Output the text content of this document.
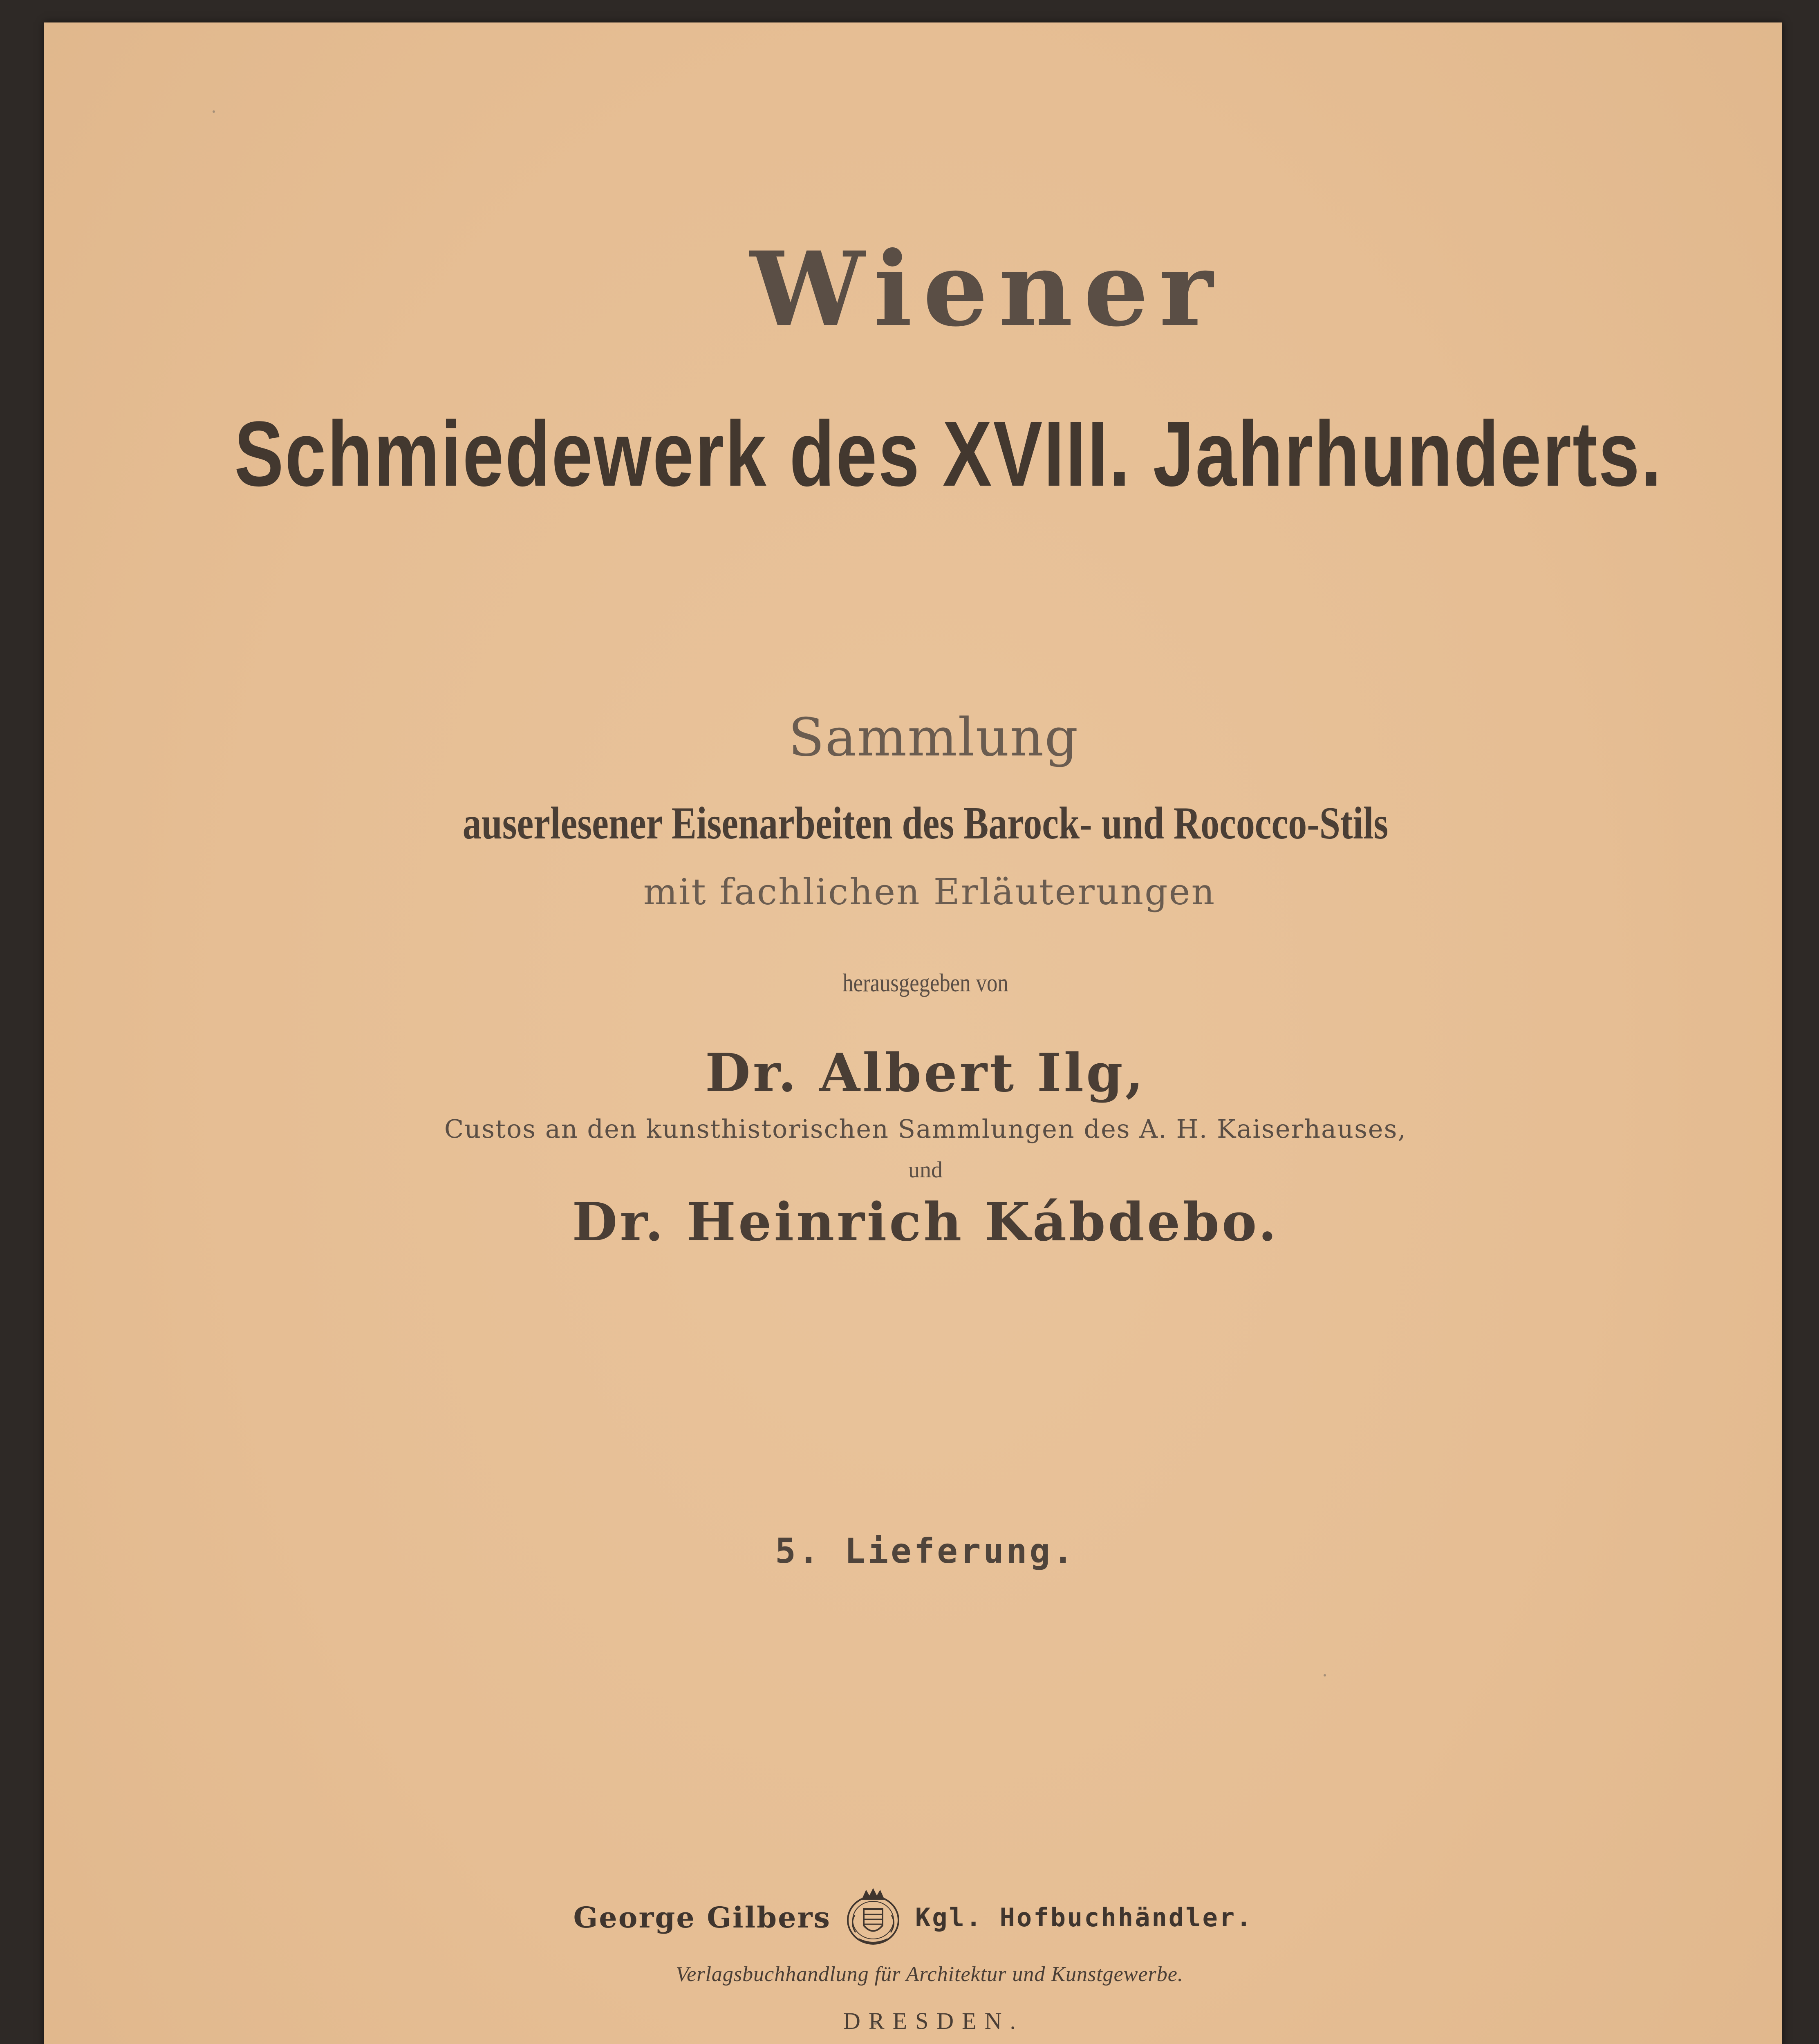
Wiener
Schmiedewerk des XVIII. Jahrhunderts.

Sammlung

auserlesener Eisenarbeiten des Barock- und Rococco-Stils

mit fachlichen Erläuterungen

herausgegeben von

Dr. Albert Ilg,

Custos an den kunsthistorischen Sammlungen des A. H. Kaiserhauses,

und

Dr. Heinrich Kábdebo.

5. Lieferung.

George Gilbers	Kgl. Hofbuchhändler.

Verlagsbuchhandlung für Architektur und Kunstgewerbe.

DRESDEN.
